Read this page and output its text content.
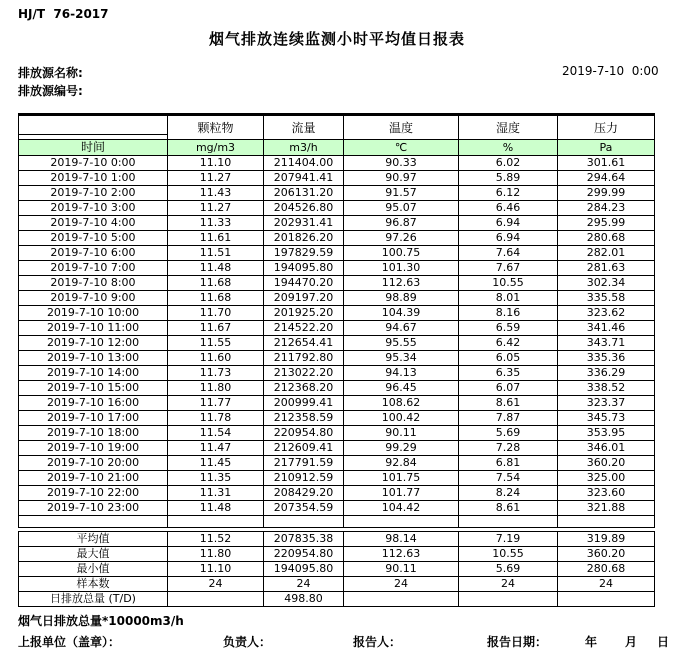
HJ/T  76-2017
烟气排放连续监测小时平均值日报表
排放源名称:
排放源编号:
2019-7-10  0:00
	颗粒物	流量	温度	湿度	压力

时间	mg/m3	m3/h	℃	%	Pa
2019-7-10 0:00	11.10	211404.00	90.33	6.02	301.61
2019-7-10 1:00	11.27	207941.41	90.97	5.89	294.64
2019-7-10 2:00	11.43	206131.20	91.57	6.12	299.99
2019-7-10 3:00	11.27	204526.80	95.07	6.46	284.23
2019-7-10 4:00	11.33	202931.41	96.87	6.94	295.99
2019-7-10 5:00	11.61	201826.20	97.26	6.94	280.68
2019-7-10 6:00	11.51	197829.59	100.75	7.64	282.01
2019-7-10 7:00	11.48	194095.80	101.30	7.67	281.63
2019-7-10 8:00	11.68	194470.20	112.63	10.55	302.34
2019-7-10 9:00	11.68	209197.20	98.89	8.01	335.58
2019-7-10 10:00	11.70	201925.20	104.39	8.16	323.62
2019-7-10 11:00	11.67	214522.20	94.67	6.59	341.46
2019-7-10 12:00	11.55	212654.41	95.55	6.42	343.71
2019-7-10 13:00	11.60	211792.80	95.34	6.05	335.36
2019-7-10 14:00	11.73	213022.20	94.13	6.35	336.29
2019-7-10 15:00	11.80	212368.20	96.45	6.07	338.52
2019-7-10 16:00	11.77	200999.41	108.62	8.61	323.37
2019-7-10 17:00	11.78	212358.59	100.42	7.87	345.73
2019-7-10 18:00	11.54	220954.80	90.11	5.69	353.95
2019-7-10 19:00	11.47	212609.41	99.29	7.28	346.01
2019-7-10 20:00	11.45	217791.59	92.84	6.81	360.20
2019-7-10 21:00	11.35	210912.59	101.75	7.54	325.00
2019-7-10 22:00	11.31	208429.20	101.77	8.24	323.60
2019-7-10 23:00	11.48	207354.59	104.42	8.61	321.88

平均值	11.52	207835.38	98.14	7.19	319.89
最大值	11.80	220954.80	112.63	10.55	360.20
最小值	11.10	194095.80	90.11	5.69	280.68
样本数	24	24	24	24	24
日排放总量 (T/D)		498.80			
烟气日排放总量*10000m3/h
上报单位（盖章）：	负责人：	报告人：	报告日期：	年 月 日
